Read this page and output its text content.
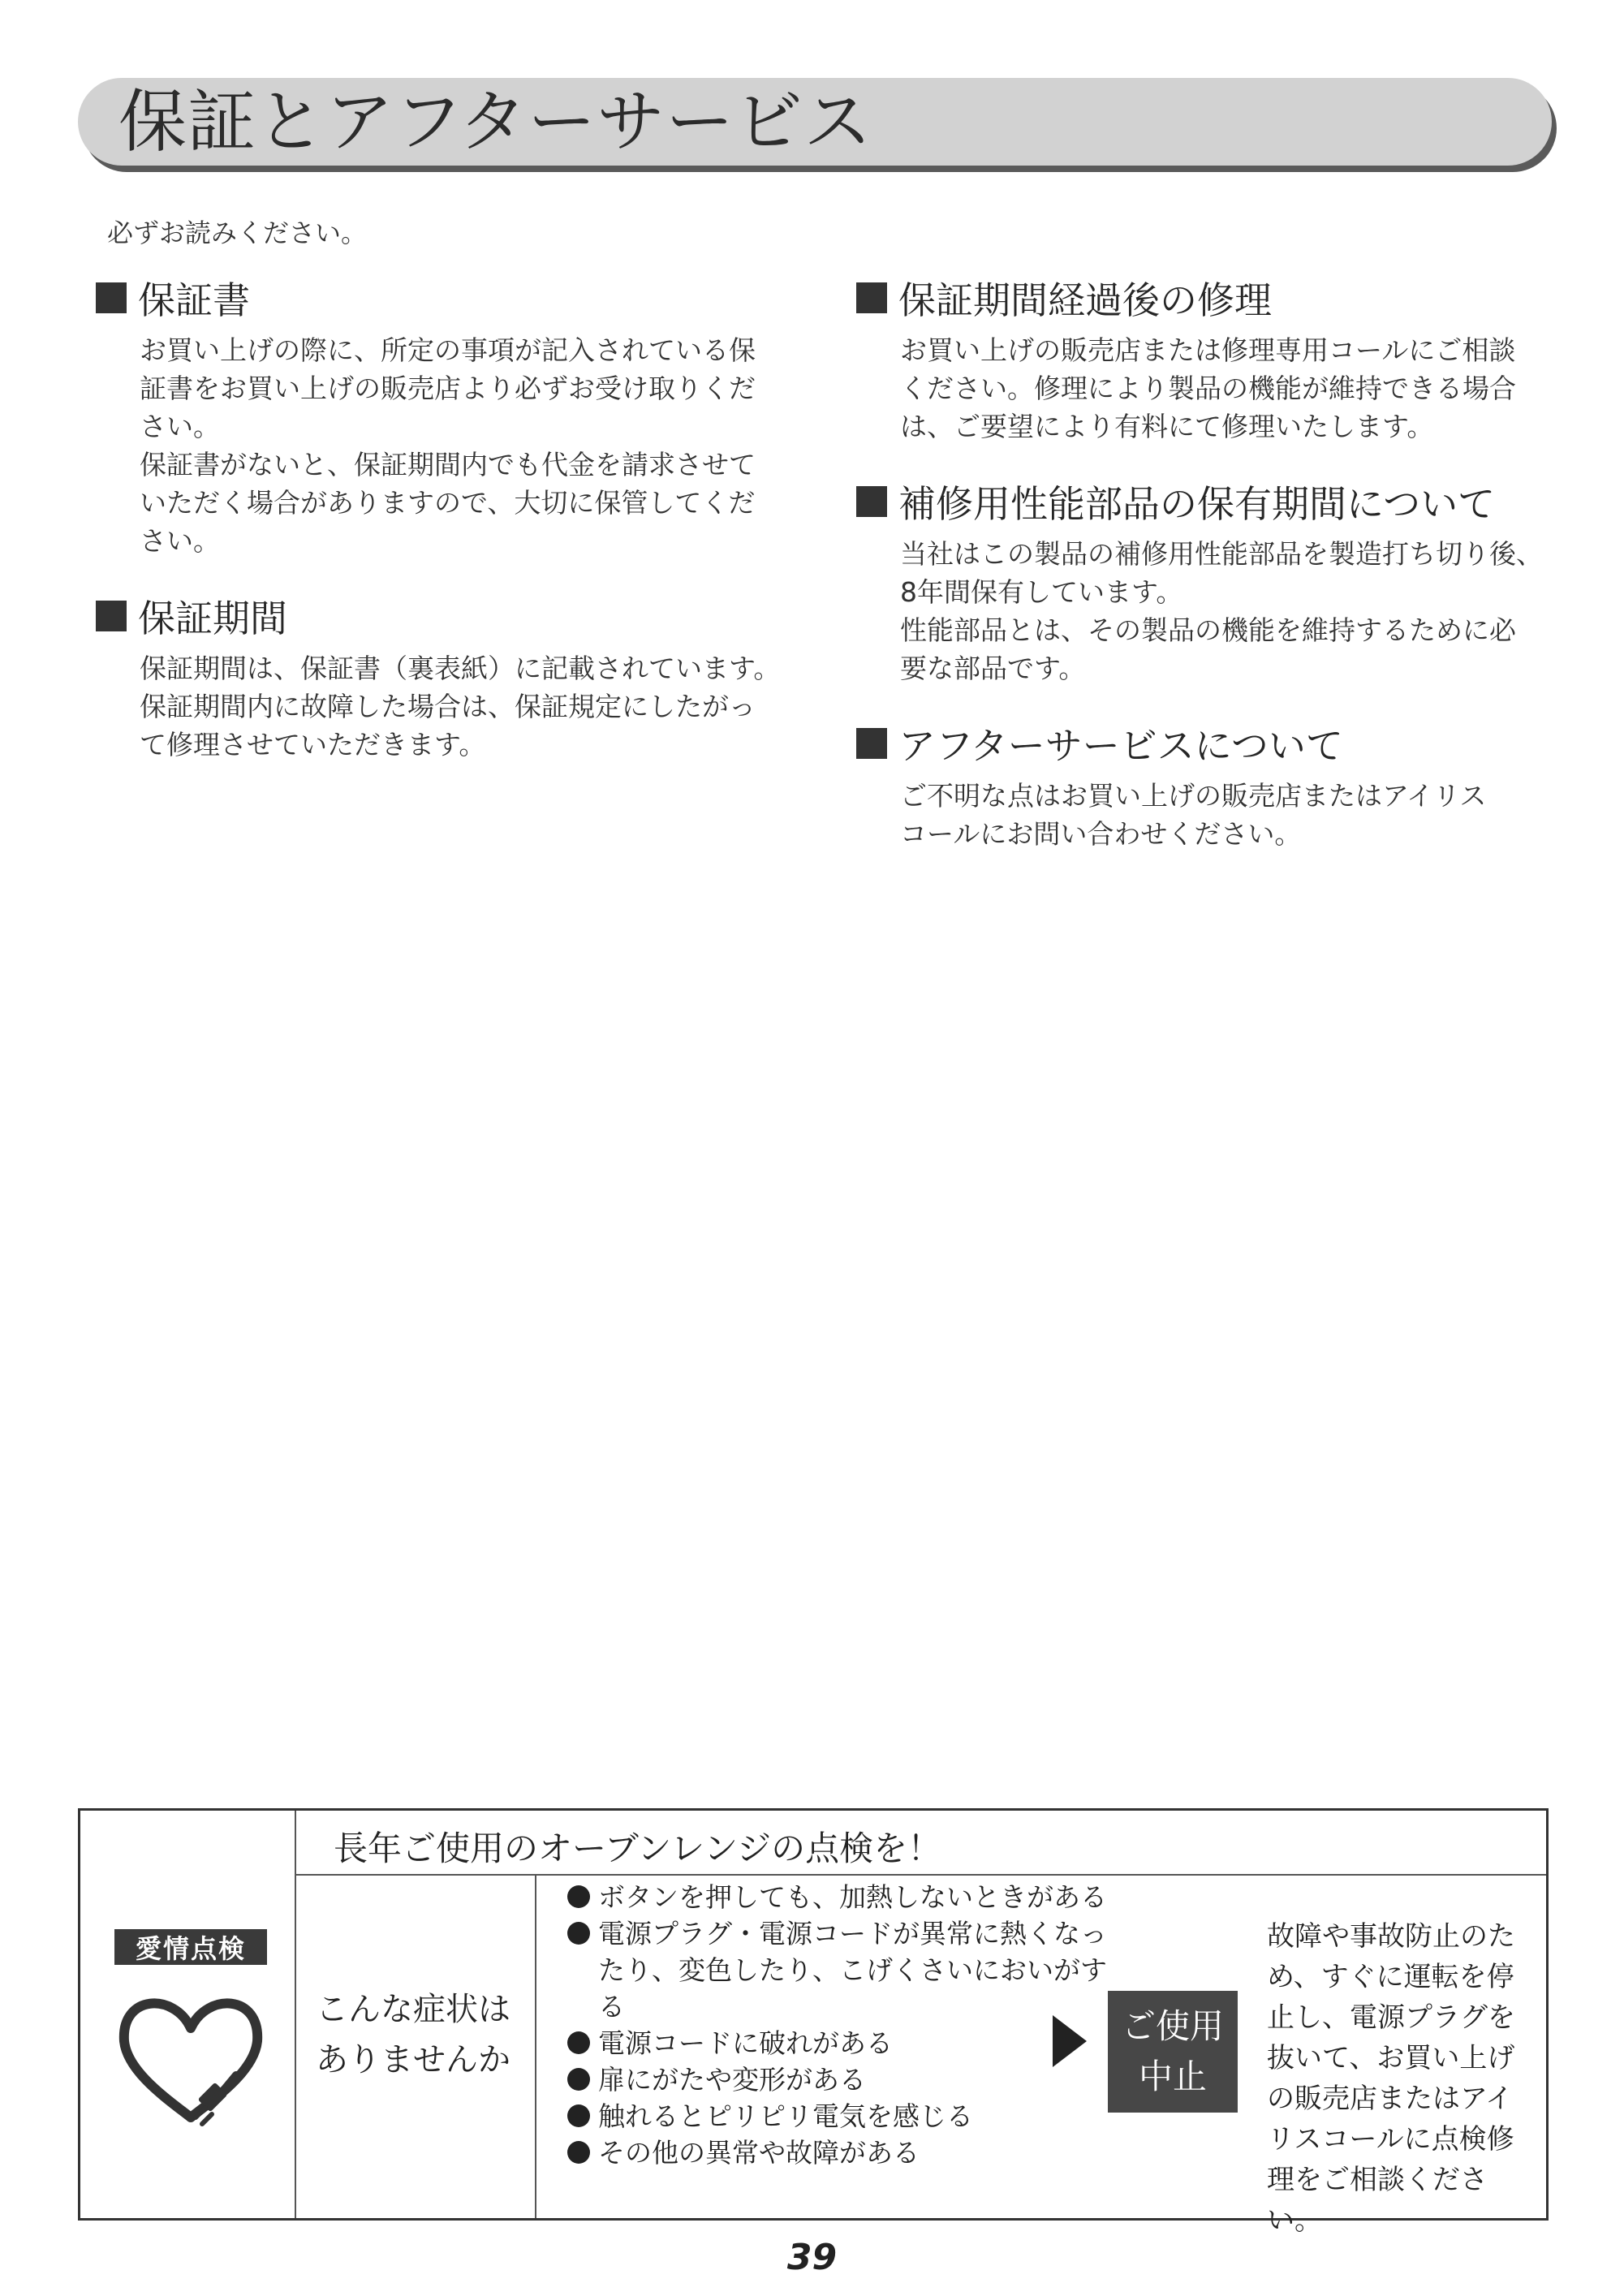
保証とアフターサービス
必ずお読みください。
保証書

お買い上げの際に、所定の事項が記入されている保
証書をお買い上げの販売店より必ずお受け取りくだ
さい。

保証書がないと、保証期間内でも代金を請求させて
いただく場合がありますので、大切に保管してくだ
さい。

保証期間

保証期間は、保証書（裏表紙）に記載されています。
保証期間内に故障した場合は、保証規定にしたがっ
て修理させていただきます。

保証期間経過後の修理

お買い上げの販売店または修理専用コールにご相談
ください。修理により製品の機能が維持できる場合
は、ご要望により有料にて修理いたします。

補修用性能部品の保有期間について

当社はこの製品の補修用性能部品を製造打ち切り後、
8年間保有しています。

性能部品とは、その製品の機能を維持するために必
要な部品です。

アフターサービスについて

ご不明な点はお買い上げの販売店またはアイリス
コールにお問い合わせください。

愛情点検
長年ご使用のオーブンレンジの点検を！
こんな症状はありませんか
ボタンを押しても、加熱しないときがある
電源プラグ・電源コードが異常に熱くなったり、変色したり、こげくさいにおいがする
電源コードに破れがある
扉にがたや変形がある
触れるとピリピリ電気を感じる
その他の異常や故障がある
ご使用
中止
故障や事故防止のた
め、すぐに運転を停
止し、電源プラグを
抜いて、お買い上げ
の販売店またはアイ
リスコールに点検修
理をご相談ください。
39
